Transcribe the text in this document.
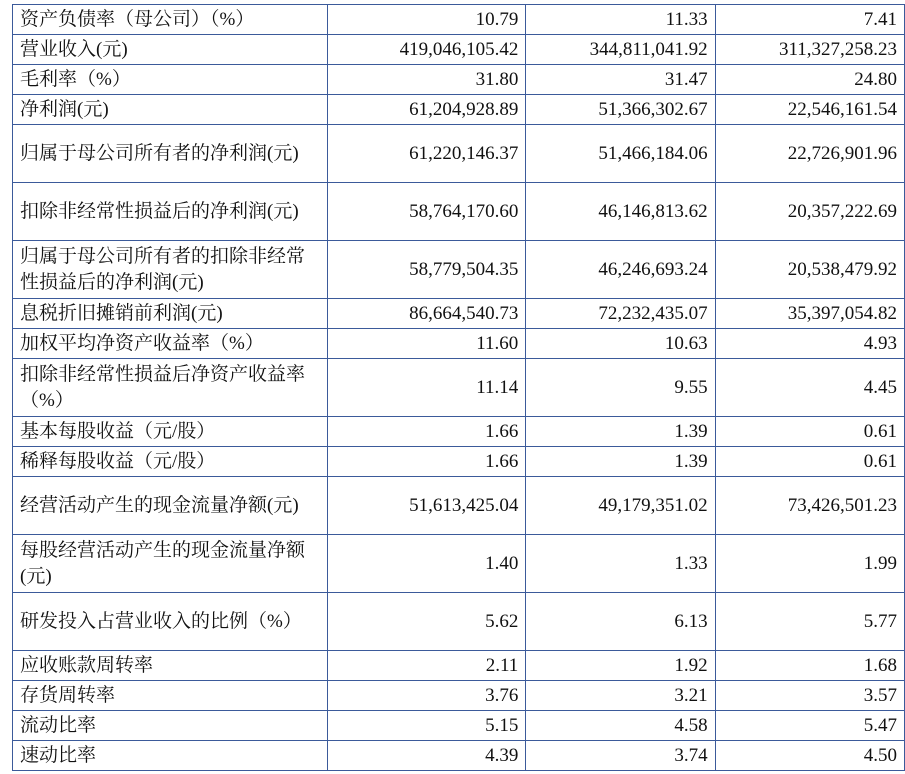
资产负债率（母公司）（%）	10.79	11.33	7.41
营业收入(元)	419,046,105.42	344,811,041.92	311,327,258.23
毛利率（%）	31.80	31.47	24.80
净利润(元)	61,204,928.89	51,366,302.67	22,546,161.54
归属于母公司所有者的净利润(元)	61,220,146.37	51,466,184.06	22,726,901.96
扣除非经常性损益后的净利润(元)	58,764,170.60	46,146,813.62	20,357,222.69
归属于母公司所有者的扣除非经常性损益后的净利润(元)	58,779,504.35	46,246,693.24	20,538,479.92
息税折旧摊销前利润(元)	86,664,540.73	72,232,435.07	35,397,054.82
加权平均净资产收益率（%）	11.60	10.63	4.93
扣除非经常性损益后净资产收益率（%）	11.14	9.55	4.45
基本每股收益（元/股）	1.66	1.39	0.61
稀释每股收益（元/股）	1.66	1.39	0.61
经营活动产生的现金流量净额(元)	51,613,425.04	49,179,351.02	73,426,501.23
每股经营活动产生的现金流量净额(元)	1.40	1.33	1.99
研发投入占营业收入的比例（%）	5.62	6.13	5.77
应收账款周转率	2.11	1.92	1.68
存货周转率	3.76	3.21	3.57
流动比率	5.15	4.58	5.47
速动比率	4.39	3.74	4.50
